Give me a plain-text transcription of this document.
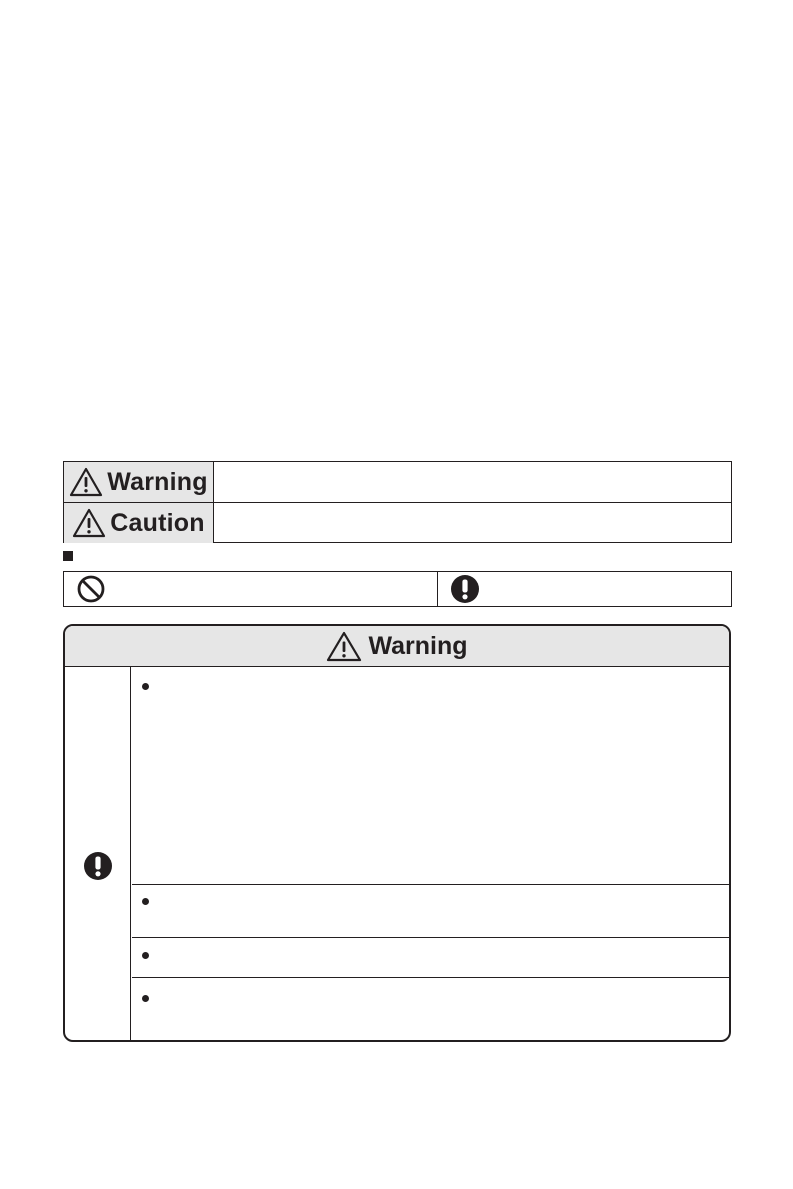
Warning
Caution
Warning
